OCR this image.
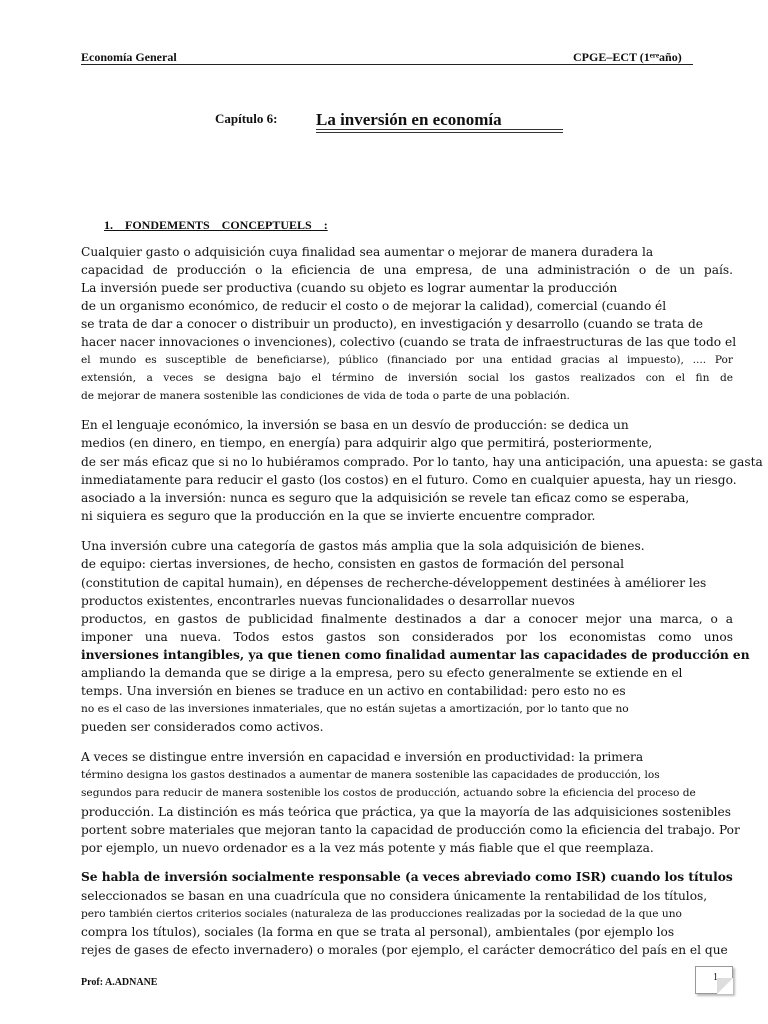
Economía General	CPGE–ECT (1ᵉʳᵉaño)
Capítulo 6: La inversión en economía
1.    FONDEMENTS    CONCEPTUELS    :
Cualquier gasto o adquisición cuya finalidad sea aumentar o mejorar de manera duradera la
capacidad de producción o la eficiencia de una empresa, de una administración o de un país.
La inversión puede ser productiva (cuando su objeto es lograr aumentar la producción
de un organismo económico, de reducir el costo o de mejorar la calidad), comercial (cuando él
se trata de dar a conocer o distribuir un producto), en investigación y desarrollo (cuando se trata de
hacer nacer innovaciones o invenciones), colectivo (cuando se trata de infraestructuras de las que todo el
el mundo es susceptible de beneficiarse), público (financiado por una entidad gracias al impuesto), .... Por
extensión, a veces se designa bajo el término de inversión social los gastos realizados con el fin de
de mejorar de manera sostenible las condiciones de vida de toda o parte de una población.
En el lenguaje económico, la inversión se basa en un desvío de producción: se dedica un
medios (en dinero, en tiempo, en energía) para adquirir algo que permitirá, posteriormente,
de ser más eficaz que si no lo hubiéramos comprado. Por lo tanto, hay una anticipación, una apuesta: se gasta
inmediatamente para reducir el gasto (los costos) en el futuro. Como en cualquier apuesta, hay un riesgo.
asociado a la inversión: nunca es seguro que la adquisición se revele tan eficaz como se esperaba,
ni siquiera es seguro que la producción en la que se invierte encuentre comprador.
Una inversión cubre una categoría de gastos más amplia que la sola adquisición de bienes.
de equipo: ciertas inversiones, de hecho, consisten en gastos de formación del personal
(constitution de capital humain), en dépenses de recherche-développement destinées à améliorer les
productos existentes, encontrarles nuevas funcionalidades o desarrollar nuevos
productos, en gastos de publicidad finalmente destinados a dar a conocer mejor una marca, o a
imponer una nueva. Todos estos gastos son considerados por los economistas como unos
inversiones intangibles, ya que tienen como finalidad aumentar las capacidades de producción en
ampliando la demanda que se dirige a la empresa, pero su efecto generalmente se extiende en el
temps. Una inversión en bienes se traduce en un activo en contabilidad: pero esto no es
no es el caso de las inversiones inmateriales, que no están sujetas a amortización, por lo tanto que no
pueden ser considerados como activos.
A veces se distingue entre inversión en capacidad e inversión en productividad: la primera
término designa los gastos destinados a aumentar de manera sostenible las capacidades de producción, los
segundos para reducir de manera sostenible los costos de producción, actuando sobre la eficiencia del proceso de
producción. La distinción es más teórica que práctica, ya que la mayoría de las adquisiciones sostenibles
portent sobre materiales que mejoran tanto la capacidad de producción como la eficiencia del trabajo. Por
por ejemplo, un nuevo ordenador es a la vez más potente y más fiable que el que reemplaza.
Se habla de inversión socialmente responsable (a veces abreviado como ISR) cuando los títulos
seleccionados se basan en una cuadrícula que no considera únicamente la rentabilidad de los títulos,
pero también ciertos criterios sociales (naturaleza de las producciones realizadas por la sociedad de la que uno
compra los títulos), sociales (la forma en que se trata al personal), ambientales (por ejemplo los
rejes de gases de efecto invernadero) o morales (por ejemplo, el carácter democrático del país en el que
Prof: A.ADNANE	1
